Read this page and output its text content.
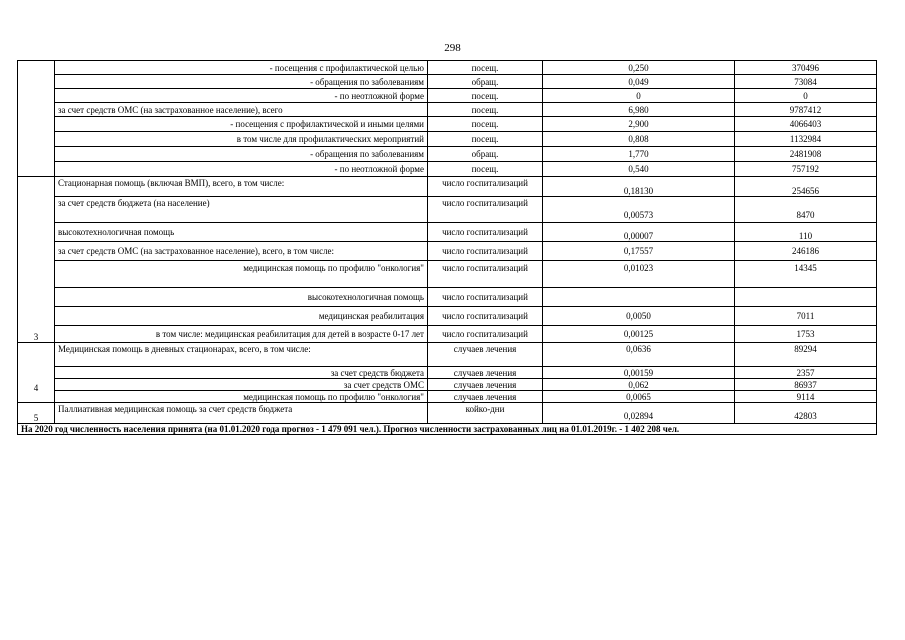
298
	- посещения с профилактической целью	посещ.	0,250	370496
	- обращения по заболеваниям	обращ.	0,049	73084
	- по неотложной форме	посещ.	0	0
	за счет средств ОМС (на застрахованное население), всего	посещ.	6,980	9787412
	- посещения с профилактической и иными целями	посещ.	2,900	4066403
	в том числе для профилактических мероприятий	посещ.	0,808	1132984
	- обращения по заболеваниям	обращ.	1,770	2481908
	- по неотложной форме	посещ.	0,540	757192
3	Стационарная помощь (включая ВМП), всего, в том числе:	число госпитализаций	0,18130	254656
	за счет средств бюджета (на население)	число госпитализаций	0,00573	8470
	высокотехнологичная помощь	число госпитализаций	0,00007	110
	за счет средств ОМС (на застрахованное население), всего, в том числе:	число госпитализаций	0,17557	246186
	медицинская помощь по профилю "онкология"	число госпитализаций	0,01023	14345
	высокотехнологичная помощь	число госпитализаций		
	медицинская реабилитация	число госпитализаций	0,0050	7011
	в том числе: медицинская реабилитация для детей в возрасте 0-17 лет	число госпитализаций	0,00125	1753
4	Медицинская помощь в дневных стационарах, всего, в том числе:	случаев лечения	0,0636	89294
	за счет средств бюджета	случаев лечения	0,00159	2357
	за счет средств ОМС	случаев лечения	0,062	86937
	медицинская помощь по профилю "онкология"	случаев лечения	0,0065	9114
5	Паллиативная медицинская помощь за счет средств бюджета	койко-дни	0,02894	42803
На 2020 год численность населения принята (на 01.01.2020 года прогноз - 1 479 091 чел.). Прогноз численности застрахованных лиц на 01.01.2019г. - 1 402 208 чел.				
